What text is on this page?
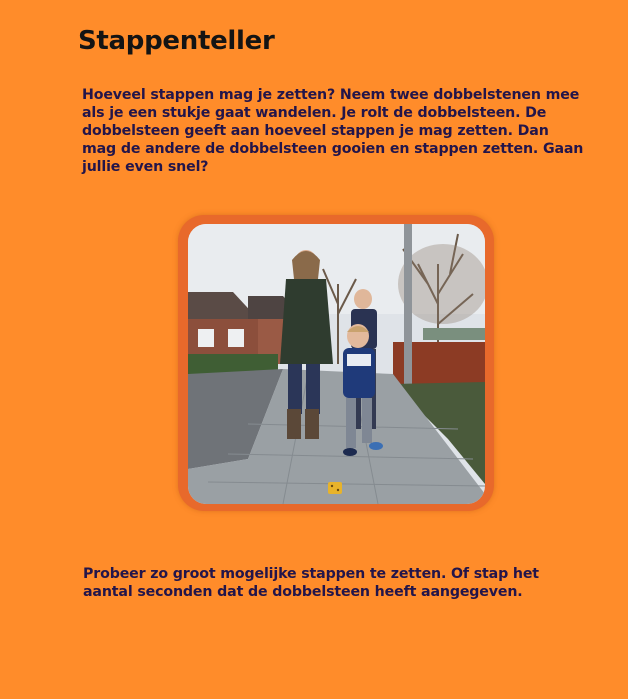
Stappenteller
Hoeveel stappen mag je zetten? Neem twee dobbelstenen mee als je een stukje gaat wandelen. Je rolt de dobbelsteen. De dobbelsteen geeft aan hoeveel stappen je mag zetten. Dan mag de andere de dobbelsteen gooien en stappen zetten. Gaan jullie even snel?
Probeer zo groot mogelijke stappen te zetten. Of stap het aantal seconden dat de dobbelsteen heeft aangegeven.
